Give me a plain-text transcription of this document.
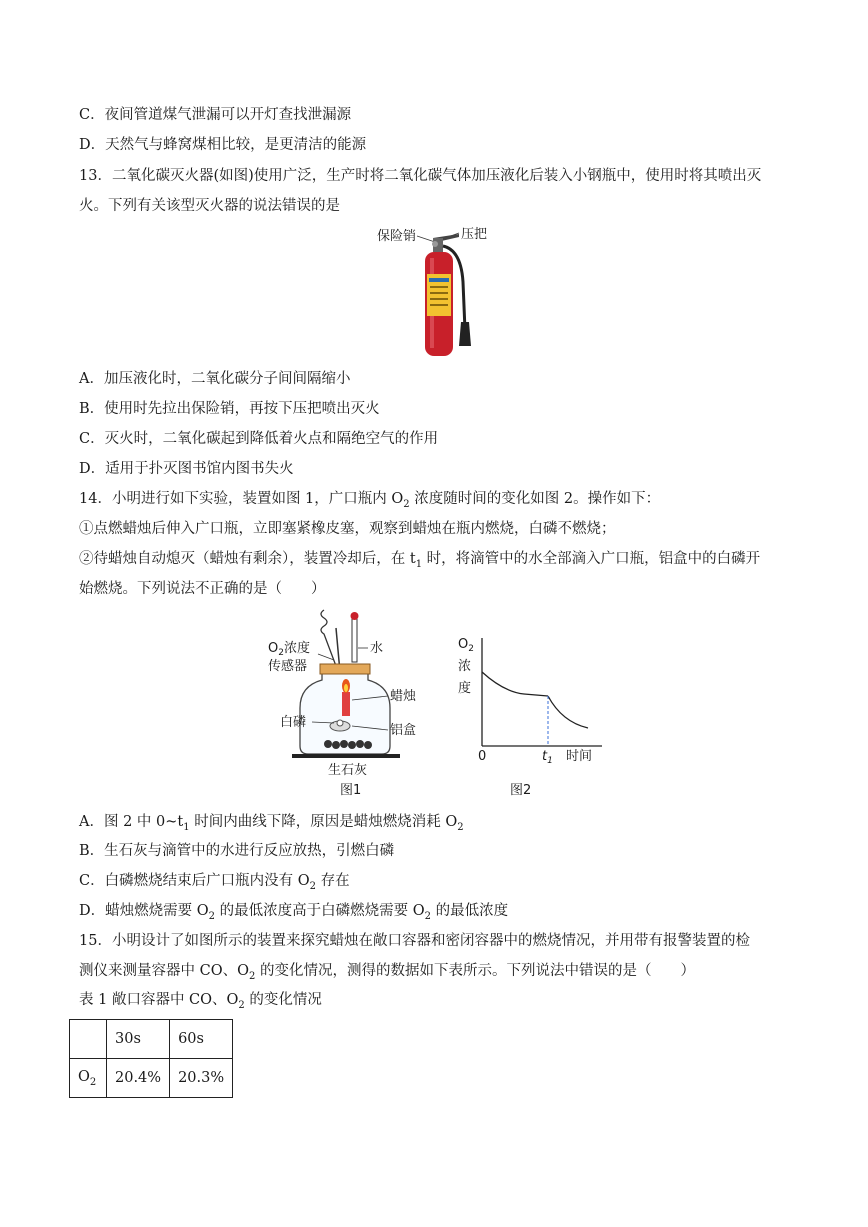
C．夜间管道煤气泄漏可以开灯查找泄漏源
D．天然气与蜂窝煤相比较，是更清洁的能源
13．二氧化碳灭火器(如图)使用广泛，生产时将二氧化碳气体加压液化后装入小钢瓶中，使用时将其喷出灭
火。下列有关该型灭火器的说法错误的是
保险销	压把
A．加压液化时，二氧化碳分子间间隔缩小
B．使用时先拉出保险销，再按下压把喷出灭火
C．灭火时，二氧化碳起到降低着火点和隔绝空气的作用
D．适用于扑灭图书馆内图书失火
14．小明进行如下实验，装置如图 1，广口瓶内 $O_2$ 浓度随时间的变化如图 2。操作如下：
①点燃蜡烛后伸入广口瓶，立即塞紧橡皮塞，观察到蜡烛在瓶内燃烧，白磷不燃烧；
②待蜡烛自动熄灭（蜡烛有剩余），装置冷却后，在 $t_1$ 时，将滴管中的水全部滴入广口瓶，铝盒中的白磷开
始燃烧。下列说法不正确的是（　　）
$O_2$浓度
传感器
水
蜡烛
白磷
铝盒
生石灰
图1
$O_2$
浓
度
0	$t_1$ 时间
图2
A．图 2 中 $0\sim t_1$ 时间内曲线下降，原因是蜡烛燃烧消耗 $O_2$
B．生石灰与滴管中的水进行反应放热，引燃白磷
C．白磷燃烧结束后广口瓶内没有 $O_2$ 存在
D．蜡烛燃烧需要 $O_2$ 的最低浓度高于白磷燃烧需要 $O_2$ 的最低浓度
15．小明设计了如图所示的装置来探究蜡烛在敞口容器和密闭容器中的燃烧情况，并用带有报警装置的检
测仪来测量容器中 CO、$O_2$ 的变化情况，测得的数据如下表所示。下列说法中错误的是（　　）
表 1 敞口容器中 CO、$O_2$ 的变化情况
	30s	60s
$O_2$	20.4%	20.3%
